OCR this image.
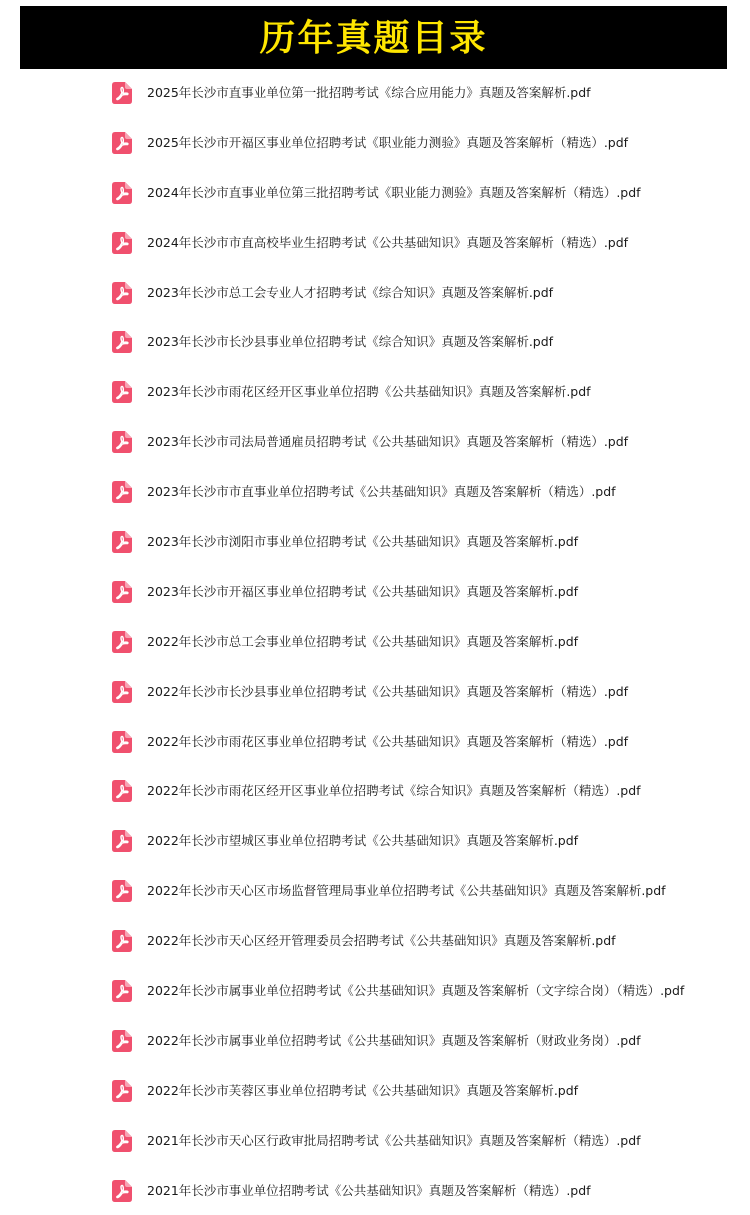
历年真题目录
2025年长沙市直事业单位第一批招聘考试《综合应用能力》真题及答案解析.pdf
2025年长沙市开福区事业单位招聘考试《职业能力测验》真题及答案解析（精选）.pdf
2024年长沙市直事业单位第三批招聘考试《职业能力测验》真题及答案解析（精选）.pdf
2024年长沙市市直高校毕业生招聘考试《公共基础知识》真题及答案解析（精选）.pdf
2023年长沙市总工会专业人才招聘考试《综合知识》真题及答案解析.pdf
2023年长沙市长沙县事业单位招聘考试《综合知识》真题及答案解析.pdf
2023年长沙市雨花区经开区事业单位招聘《公共基础知识》真题及答案解析.pdf
2023年长沙市司法局普通雇员招聘考试《公共基础知识》真题及答案解析（精选）.pdf
2023年长沙市市直事业单位招聘考试《公共基础知识》真题及答案解析（精选）.pdf
2023年长沙市浏阳市事业单位招聘考试《公共基础知识》真题及答案解析.pdf
2023年长沙市开福区事业单位招聘考试《公共基础知识》真题及答案解析.pdf
2022年长沙市总工会事业单位招聘考试《公共基础知识》真题及答案解析.pdf
2022年长沙市长沙县事业单位招聘考试《公共基础知识》真题及答案解析（精选）.pdf
2022年长沙市雨花区事业单位招聘考试《公共基础知识》真题及答案解析（精选）.pdf
2022年长沙市雨花区经开区事业单位招聘考试《综合知识》真题及答案解析（精选）.pdf
2022年长沙市望城区事业单位招聘考试《公共基础知识》真题及答案解析.pdf
2022年长沙市天心区市场监督管理局事业单位招聘考试《公共基础知识》真题及答案解析.pdf
2022年长沙市天心区经开管理委员会招聘考试《公共基础知识》真题及答案解析.pdf
2022年长沙市属事业单位招聘考试《公共基础知识》真题及答案解析（文字综合岗）（精选）.pdf
2022年长沙市属事业单位招聘考试《公共基础知识》真题及答案解析（财政业务岗）.pdf
2022年长沙市芙蓉区事业单位招聘考试《公共基础知识》真题及答案解析.pdf
2021年长沙市天心区行政审批局招聘考试《公共基础知识》真题及答案解析（精选）.pdf
2021年长沙市事业单位招聘考试《公共基础知识》真题及答案解析（精选）.pdf
